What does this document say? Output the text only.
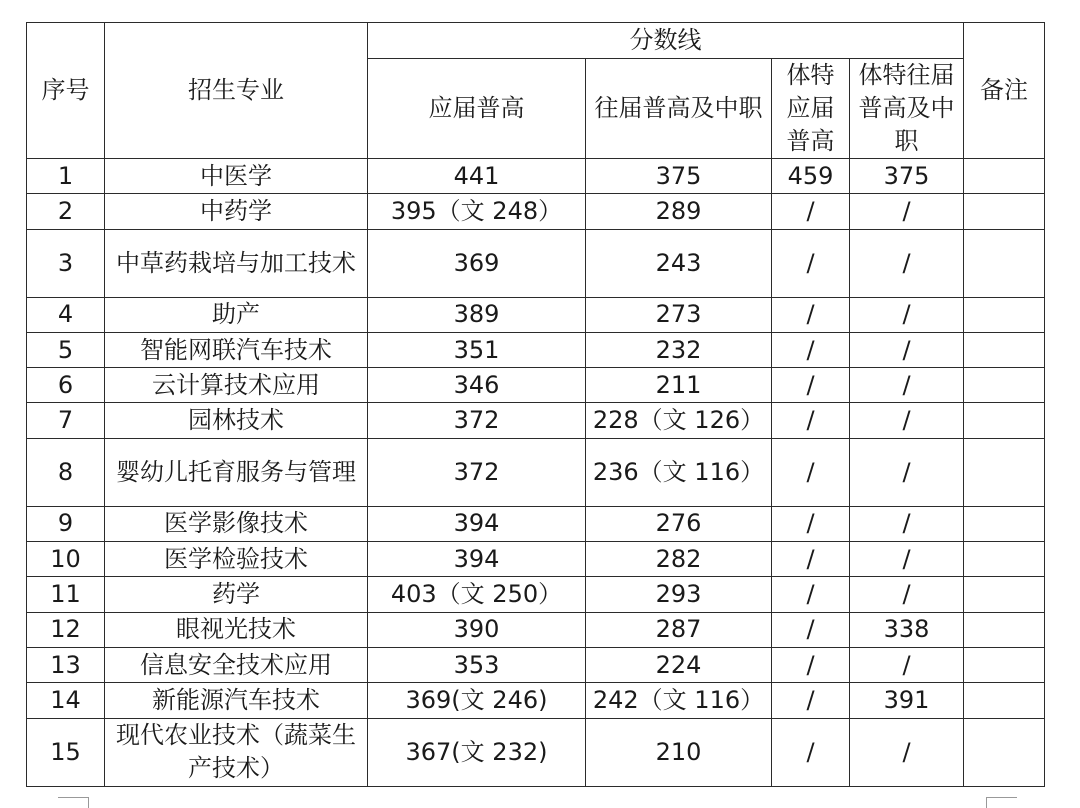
序号	招生专业	分数线				备注
		应届普高	往届普高及中职	体特应届普高	体特往届普高及中职	
1	中医学	441	375	459	375	
2	中药学	395（文 248）	289	/	/	
3	中草药栽培与加工技术	369	243	/	/	
4	助产	389	273	/	/	
5	智能网联汽车技术	351	232	/	/	
6	云计算技术应用	346	211	/	/	
7	园林技术	372	228（文 126）	/	/	
8	婴幼儿托育服务与管理	372	236（文 116）	/	/	
9	医学影像技术	394	276	/	/	
10	医学检验技术	394	282	/	/	
11	药学	403（文 250）	293	/	/	
12	眼视光技术	390	287	/	338	
13	信息安全技术应用	353	224	/	/	
14	新能源汽车技术	369(文 246)	242（文 116）	/	391	
15	现代农业技术（蔬菜生产技术）	367(文 232)	210	/	/	
